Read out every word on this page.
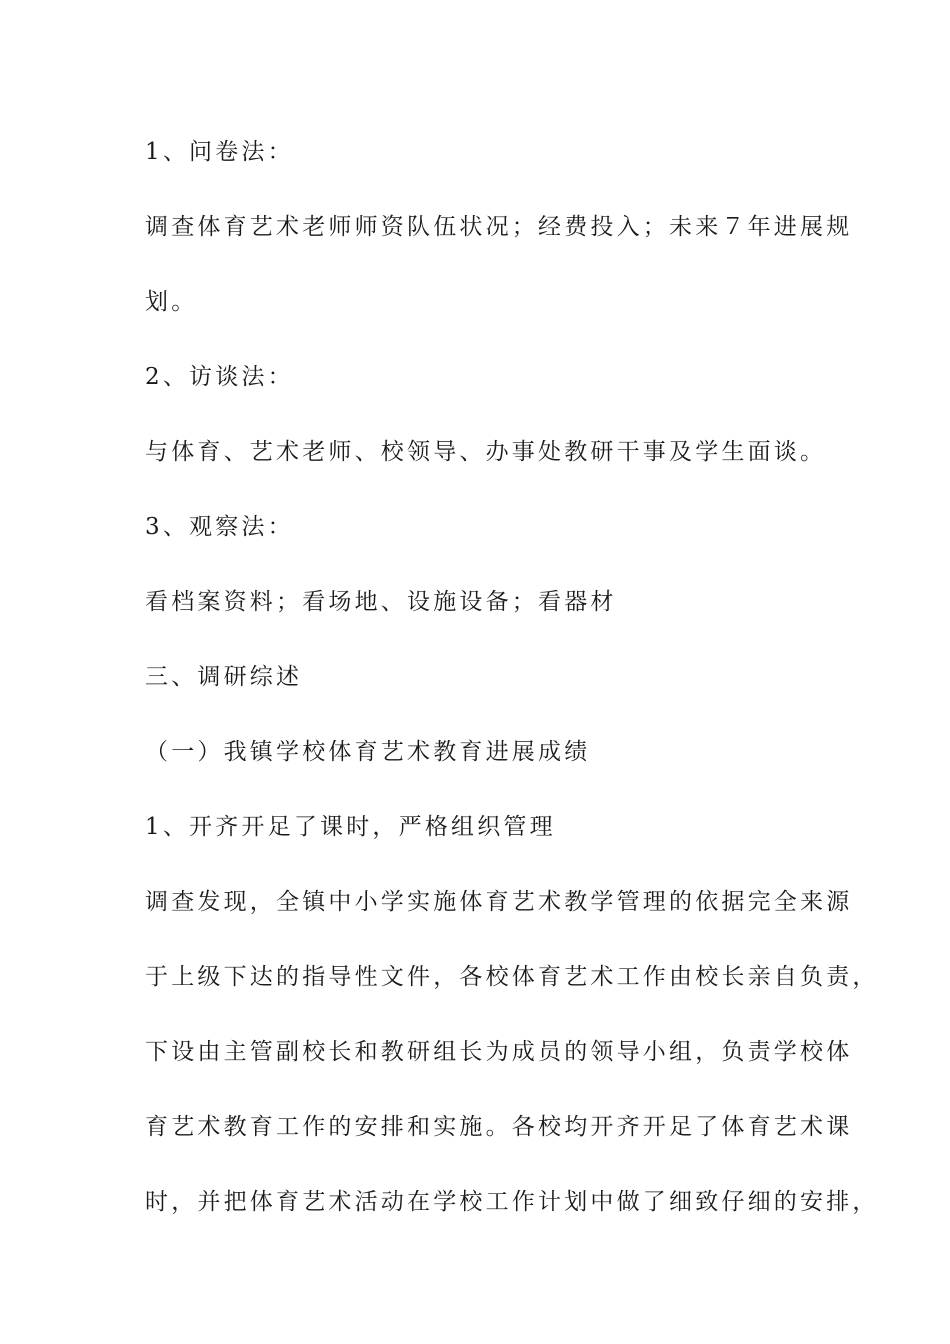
1、问卷法：
调查体育艺术老师师资队伍状况；经费投入；未来７年进展规
划。
2、访谈法：
与体育、艺术老师、校领导、办事处教研干事及学生面谈。
3、观察法：
看档案资料；看场地、设施设备；看器材
三、调研综述
（一）我镇学校体育艺术教育进展成绩
1、开齐开足了课时，严格组织管理
调查发现，全镇中小学实施体育艺术教学管理的依据完全来源
于上级下达的指导性文件，各校体育艺术工作由校长亲自负责，
下设由主管副校长和教研组长为成员的领导小组，负责学校体
育艺术教育工作的安排和实施。各校均开齐开足了体育艺术课
时，并把体育艺术活动在学校工作计划中做了细致仔细的安排，
